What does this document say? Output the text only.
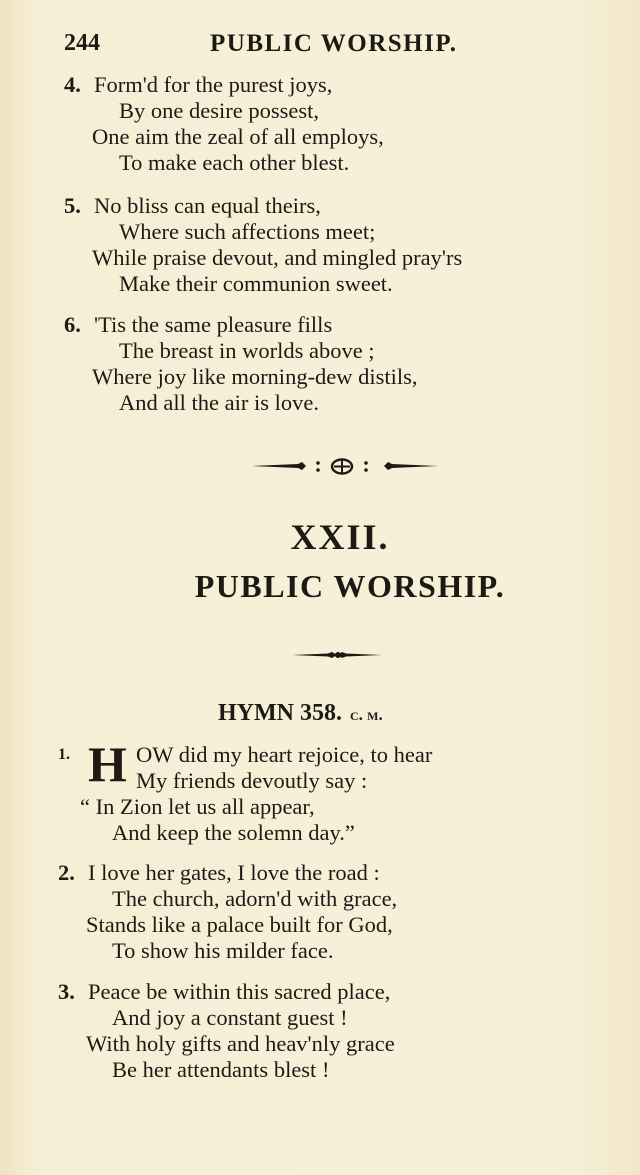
244	PUBLIC WORSHIP.
4. Form'd for the purest joys,
By one desire possest,
One aim the zeal of all employs,
To make each other blest.
5. No bliss can equal theirs,
Where such affections meet;
While praise devout, and mingled pray'rs
Make their communion sweet.
6. 'Tis the same pleasure fills
The breast in worlds above ;
Where joy like morning-dew distils,
And all the air is love.
XXII.
PUBLIC WORSHIP.
HYMN 358. c. m.
1. H OW did my heart rejoice, to hear
My friends devoutly say :
“ In Zion let us all appear,
And keep the solemn day.”
2. I love her gates, I love the road :
The church, adorn'd with grace,
Stands like a palace built for God,
To show his milder face.
3. Peace be within this sacred place,
And joy a constant guest !
With holy gifts and heav'nly grace
Be her attendants blest !
